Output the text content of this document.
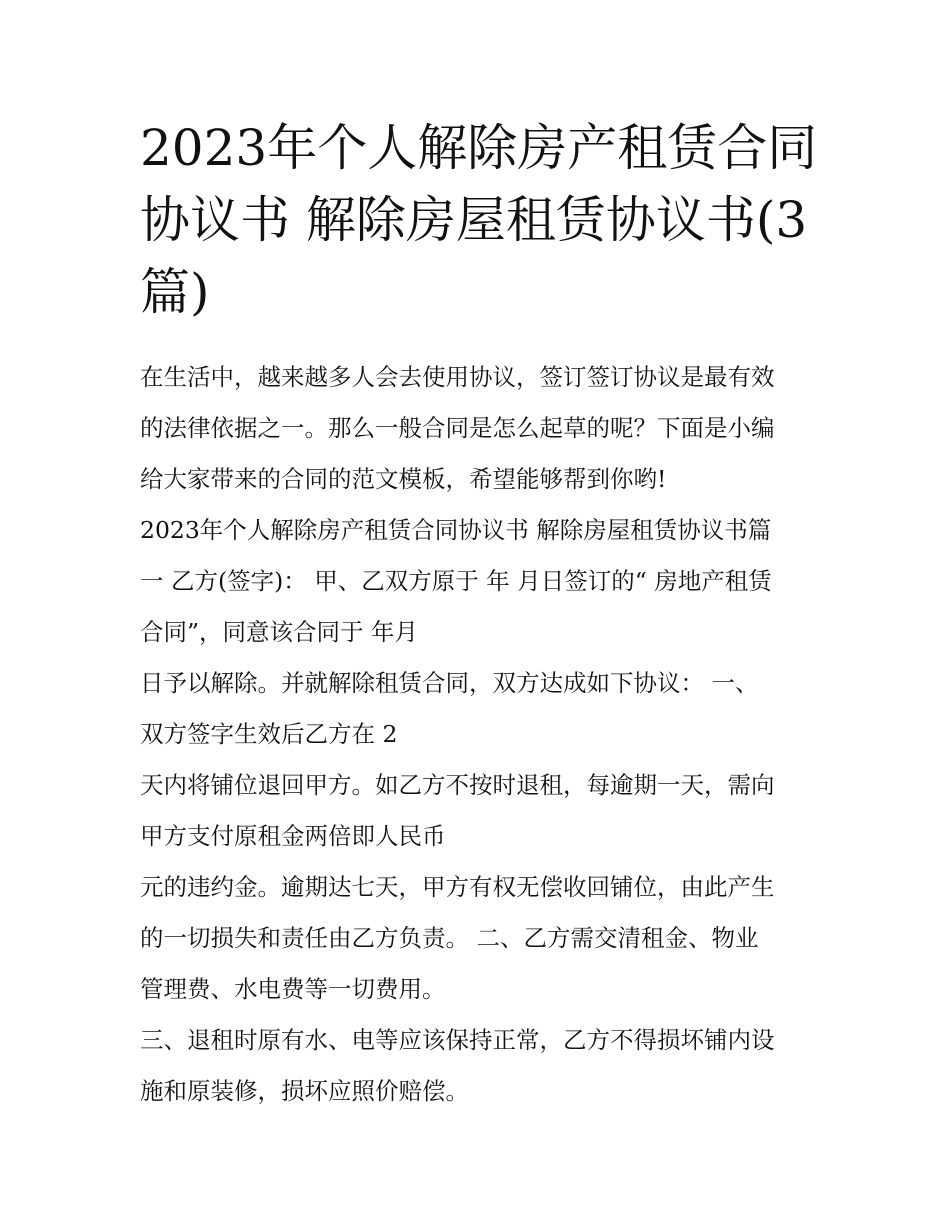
2023年个人解除房产租赁合同
协议书 解除房屋租赁协议书(3
篇)

在生活中，越来越多人会去使用协议，签订签订协议是最有效

的法律依据之一。那么一般合同是怎么起草的呢？下面是小编

给大家带来的合同的范文模板，希望能够帮到你哟!

2023年个人解除房产租赁合同协议书 解除房屋租赁协议书篇

一 乙方(签字)： 甲、乙双方原于 年 月日签订的“ 房地产租赁

合同”，同意该合同于 年月

日予以解除。并就解除租赁合同，双方达成如下协议： 一、

双方签字生效后乙方在 2

天内将铺位退回甲方。如乙方不按时退租，每逾期一天，需向

甲方支付原租金两倍即人民币

元的违约金。逾期达七天，甲方有权无偿收回铺位，由此产生

的一切损失和责任由乙方负责。 二、乙方需交清租金、物业

管理费、水电费等一切费用。

三、退租时原有水、电等应该保持正常，乙方不得损坏铺内设

施和原装修，损坏应照价赔偿。
